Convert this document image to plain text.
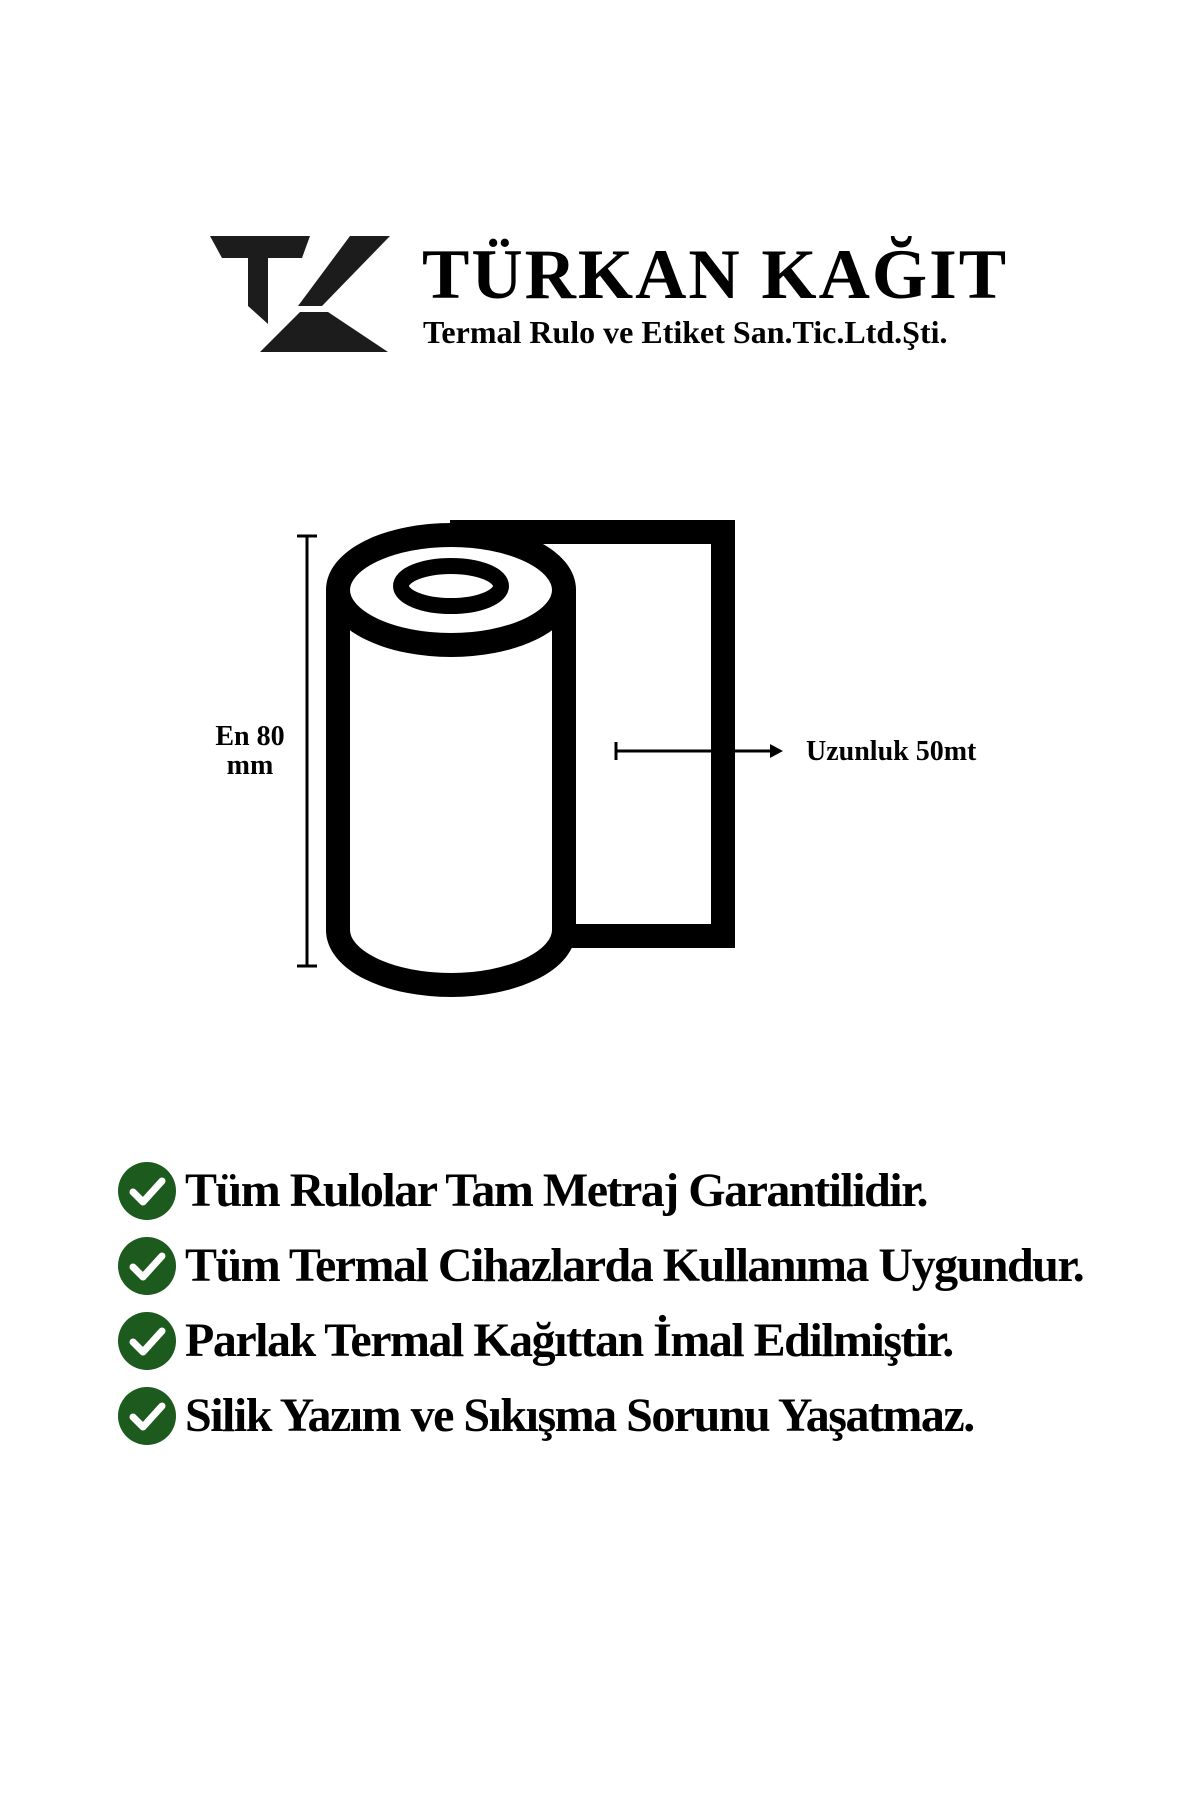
TÜRKAN KAĞIT
Termal Rulo ve Etiket San.Tic.Ltd.Şti.
En 80
mm	Uzunluk 50mt
Tüm Rulolar Tam Metraj Garantilidir.
Tüm Termal Cihazlarda Kullanıma Uygundur.
Parlak Termal Kağıttan İmal Edilmiştir.
Silik Yazım ve Sıkışma Sorunu Yaşatmaz.
